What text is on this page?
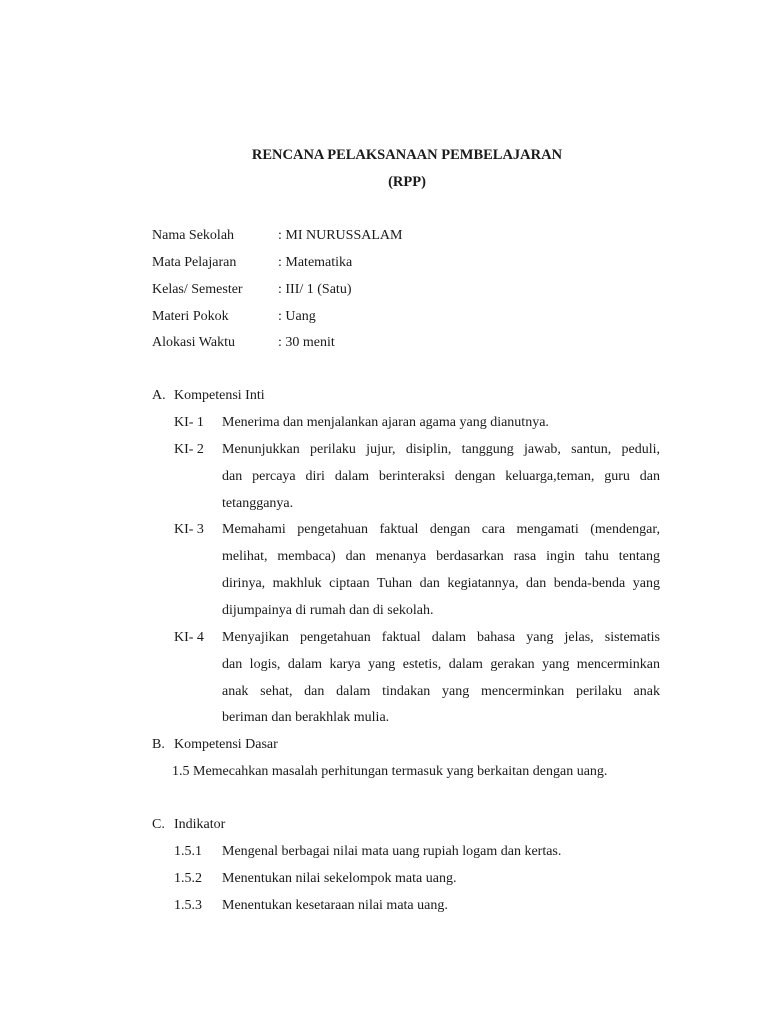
RENCANA PELAKSANAAN PEMBELAJARAN
(RPP)
Nama Sekolah	: MI NURUSSALAM
Mata Pelajaran	: Matematika
Kelas/ Semester	: III/ 1 (Satu)
Materi Pokok	: Uang
Alokasi Waktu	: 30 menit
A. Kompetensi Inti
KI- 1 Menerima dan menjalankan ajaran agama yang dianutnya.
KI- 2 Menunjukkan perilaku jujur, disiplin, tanggung jawab, santun, peduli,
dan percaya diri dalam berinteraksi dengan keluarga,teman, guru dan
tetangganya.
KI- 3 Memahami pengetahuan faktual dengan cara mengamati (mendengar,
melihat, membaca) dan menanya berdasarkan rasa ingin tahu tentang
dirinya, makhluk ciptaan Tuhan dan kegiatannya, dan benda-benda yang
dijumpainya di rumah dan di sekolah.
KI- 4 Menyajikan pengetahuan faktual dalam bahasa yang jelas, sistematis
dan logis, dalam karya yang estetis, dalam gerakan yang mencerminkan
anak sehat, dan dalam tindakan yang mencerminkan perilaku anak
beriman dan berakhlak mulia.
B. Kompetensi Dasar
1.5 Memecahkan masalah perhitungan termasuk yang berkaitan dengan uang.
C. Indikator
1.5.1 Mengenal berbagai nilai mata uang rupiah logam dan kertas.
1.5.2 Menentukan nilai sekelompok mata uang.
1.5.3 Menentukan kesetaraan nilai mata uang.
